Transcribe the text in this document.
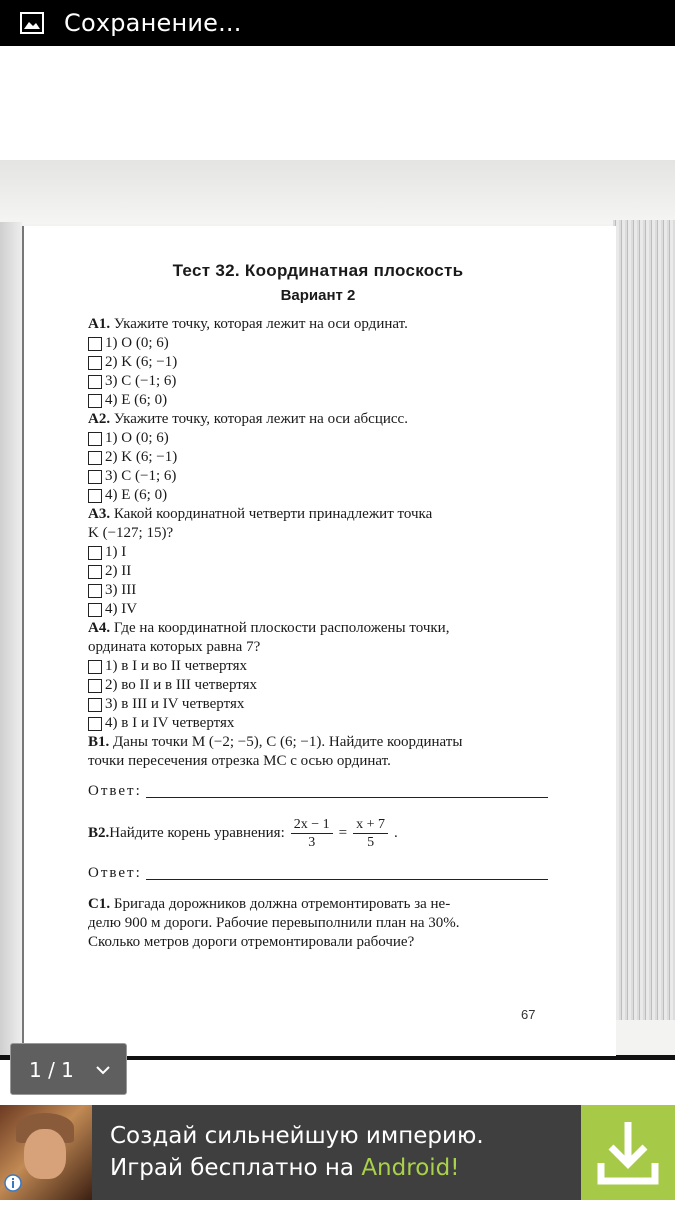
Сохранение...
Тест 32. Координатная плоскость
Вариант 2

A1. Укажите точку, которая лежит на оси ординат.

1) O (0; 6)
2) K (6; −1)
3) C (−1; 6)
4) E (6; 0)

A2. Укажите точку, которая лежит на оси абсцисс.

1) O (0; 6)
2) K (6; −1)
3) C (−1; 6)
4) E (6; 0)

A3. Какой координатной четверти принадлежит точка

K (−127; 15)?

1) I
2) II
3) III
4) IV

A4. Где на координатной плоскости расположены точки,

ордината которых равна 7?

1) в I и во II четвертях
2) во II и в III четвертях
3) в III и IV четвертях
4) в I и IV четвертях

B1. Даны точки M (−2; −5), C (6; −1). Найдите координаты

точки пересечения отрезка MC с осью ординат.

Ответ:
B2. Найдите корень уравнения: $\frac{2x - 1}{3} = \frac{x + 7}{5}$ .
Ответ:

C1. Бригада дорожников должна отремонтировать за не-

делю 900 м дороги. Рабочие перевыполнили план на 30%.

Сколько метров дороги отремонтировали рабочие?

67
1 / 1
Создай сильнейшую империю.
Играй бесплатно на Android!
